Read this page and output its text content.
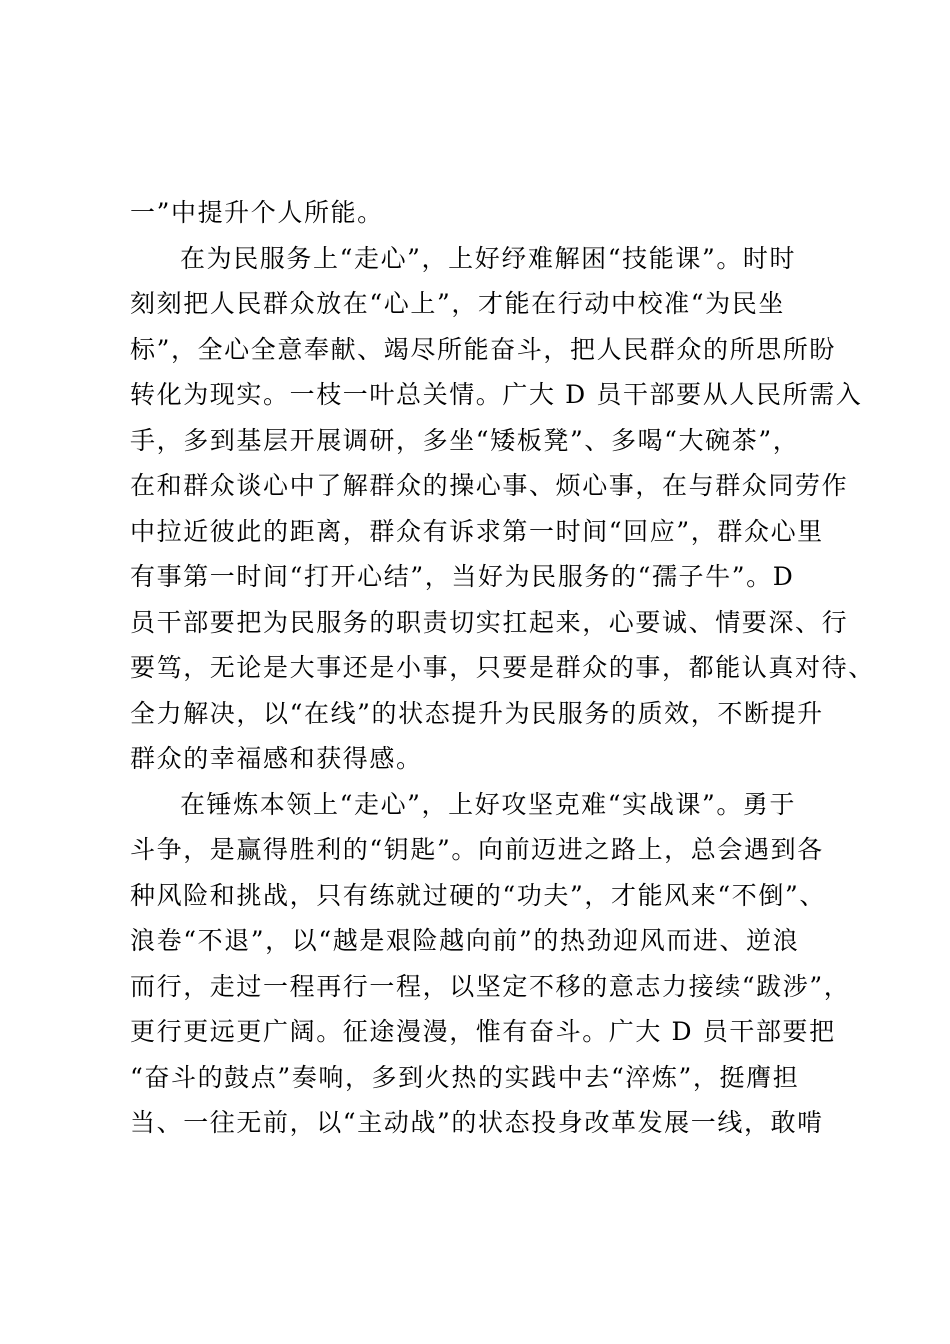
一”中提升个人所能。
在为民服务上“走心”，上好纾难解困“技能课”。时时
刻刻把人民群众放在“心上”，才能在行动中校准“为民坐
标”，全心全意奉献、竭尽所能奋斗，把人民群众的所思所盼
转化为现实。一枝一叶总关情。广大 D 员干部要从人民所需入
手，多到基层开展调研，多坐“矮板凳”、多喝“大碗茶”，
在和群众谈心中了解群众的操心事、烦心事，在与群众同劳作
中拉近彼此的距离，群众有诉求第一时间“回应”，群众心里
有事第一时间“打开心结”，当好为民服务的“孺子牛”。D
员干部要把为民服务的职责切实扛起来，心要诚、情要深、行
要笃，无论是大事还是小事，只要是群众的事，都能认真对待、
全力解决，以“在线”的状态提升为民服务的质效，不断提升
群众的幸福感和获得感。
在锤炼本领上“走心”，上好攻坚克难“实战课”。勇于
斗争，是赢得胜利的“钥匙”。向前迈进之路上，总会遇到各
种风险和挑战，只有练就过硬的“功夫”，才能风来“不倒”、
浪卷“不退”，以“越是艰险越向前”的热劲迎风而进、逆浪
而行，走过一程再行一程，以坚定不移的意志力接续“跋涉”，
更行更远更广阔。征途漫漫，惟有奋斗。广大 D 员干部要把
“奋斗的鼓点”奏响，多到火热的实践中去“淬炼”，挺膺担
当、一往无前，以“主动战”的状态投身改革发展一线，敢啃
